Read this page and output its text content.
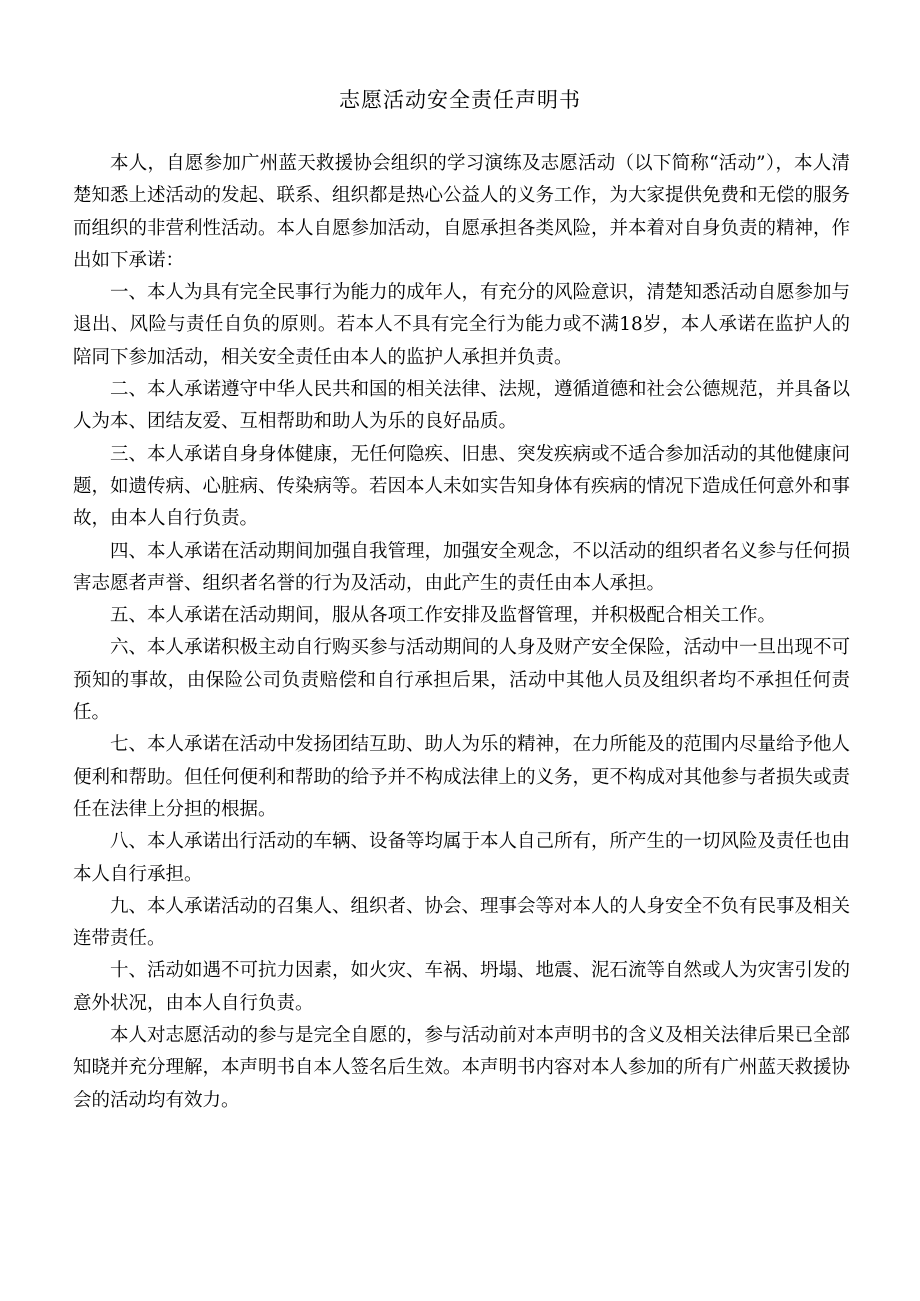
志愿活动安全责任声明书

本人，自愿参加广州蓝天救援协会组织的学习演练及志愿活动（以下简称“活动”），本人清楚知悉上述活动的发起、联系、组织都是热心公益人的义务工作，为大家提供免费和无偿的服务而组织的非营利性活动。本人自愿参加活动，自愿承担各类风险，并本着对自身负责的精神，作出如下承诺：

一、本人为具有完全民事行为能力的成年人，有充分的风险意识，清楚知悉活动自愿参加与退出、风险与责任自负的原则。若本人不具有完全行为能力或不满18岁，本人承诺在监护人的陪同下参加活动，相关安全责任由本人的监护人承担并负责。

二、本人承诺遵守中华人民共和国的相关法律、法规，遵循道德和社会公德规范，并具备以人为本、团结友爱、互相帮助和助人为乐的良好品质。

三、本人承诺自身身体健康，无任何隐疾、旧患、突发疾病或不适合参加活动的其他健康问题，如遗传病、心脏病、传染病等。若因本人未如实告知身体有疾病的情况下造成任何意外和事故，由本人自行负责。

四、本人承诺在活动期间加强自我管理，加强安全观念，不以活动的组织者名义参与任何损害志愿者声誉、组织者名誉的行为及活动，由此产生的责任由本人承担。

五、本人承诺在活动期间，服从各项工作安排及监督管理，并积极配合相关工作。

六、本人承诺积极主动自行购买参与活动期间的人身及财产安全保险，活动中一旦出现不可预知的事故，由保险公司负责赔偿和自行承担后果，活动中其他人员及组织者均不承担任何责任。

七、本人承诺在活动中发扬团结互助、助人为乐的精神，在力所能及的范围内尽量给予他人便利和帮助。但任何便利和帮助的给予并不构成法律上的义务，更不构成对其他参与者损失或责任在法律上分担的根据。

八、本人承诺出行活动的车辆、设备等均属于本人自己所有，所产生的一切风险及责任也由本人自行承担。

九、本人承诺活动的召集人、组织者、协会、理事会等对本人的人身安全不负有民事及相关连带责任。

十、活动如遇不可抗力因素，如火灾、车祸、坍塌、地震、泥石流等自然或人为灾害引发的意外状况，由本人自行负责。

本人对志愿活动的参与是完全自愿的，参与活动前对本声明书的含义及相关法律后果已全部知晓并充分理解，本声明书自本人签名后生效。本声明书内容对本人参加的所有广州蓝天救援协会的活动均有效力。
